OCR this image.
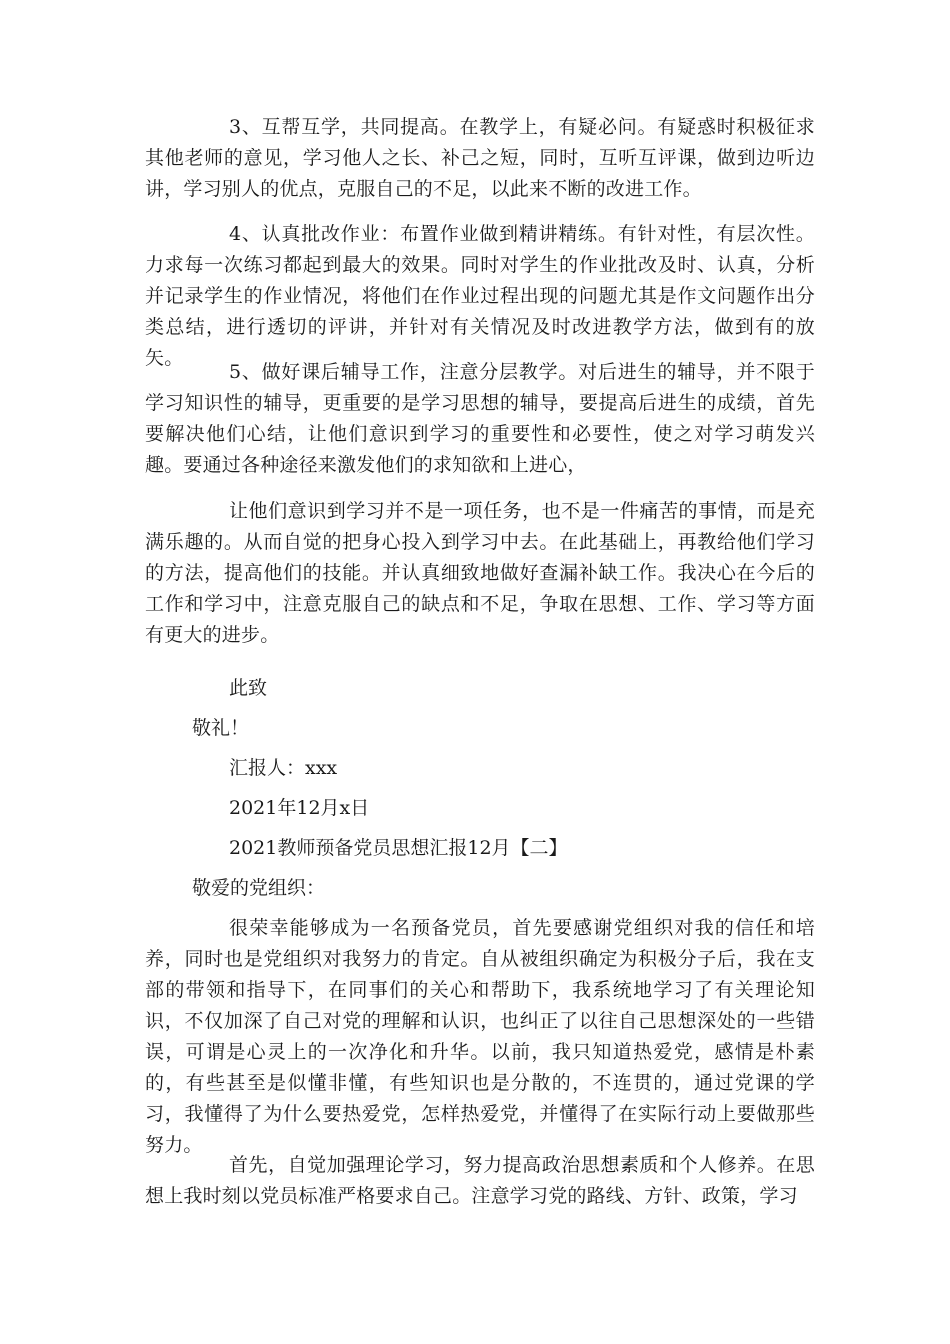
3、互帮互学，共同提高。在教学上，有疑必问。有疑惑时积极征求其他老师的意见，学习他人之长、补己之短，同时，互听互评课，做到边听边讲，学习别人的优点，克服自己的不足，以此来不断的改进工作。

4、认真批改作业：布置作业做到精讲精练。有针对性，有层次性。力求每一次练习都起到最大的效果。同时对学生的作业批改及时、认真，分析并记录学生的作业情况，将他们在作业过程出现的问题尤其是作文问题作出分类总结，进行透切的评讲，并针对有关情况及时改进教学方法，做到有的放矢。

5、做好课后辅导工作，注意分层教学。对后进生的辅导，并不限于学习知识性的辅导，更重要的是学习思想的辅导，要提高后进生的成绩，首先要解决他们心结，让他们意识到学习的重要性和必要性，使之对学习萌发兴趣。要通过各种途径来激发他们的求知欲和上进心，

让他们意识到学习并不是一项任务，也不是一件痛苦的事情，而是充满乐趣的。从而自觉的把身心投入到学习中去。在此基础上，再教给他们学习的方法，提高他们的技能。并认真细致地做好查漏补缺工作。我决心在今后的工作和学习中，注意克服自己的缺点和不足，争取在思想、工作、学习等方面有更大的进步。

此致

敬礼！

汇报人：xxx

2021年12月x日

2021教师预备党员思想汇报12月【二】

敬爱的党组织：

很荣幸能够成为一名预备党员，首先要感谢党组织对我的信任和培养，同时也是党组织对我努力的肯定。自从被组织确定为积极分子后，我在支部的带领和指导下，在同事们的关心和帮助下，我系统地学习了有关理论知识，不仅加深了自己对党的理解和认识，也纠正了以往自己思想深处的一些错误，可谓是心灵上的一次净化和升华。以前，我只知道热爱党，感情是朴素的，有些甚至是似懂非懂，有些知识也是分散的，不连贯的，通过党课的学习，我懂得了为什么要热爱党，怎样热爱党，并懂得了在实际行动上要做那些努力。

首先，自觉加强理论学习，努力提高政治思想素质和个人修养。在思想上我时刻以党员标准严格要求自己。注意学习党的路线、方针、政策，学习
